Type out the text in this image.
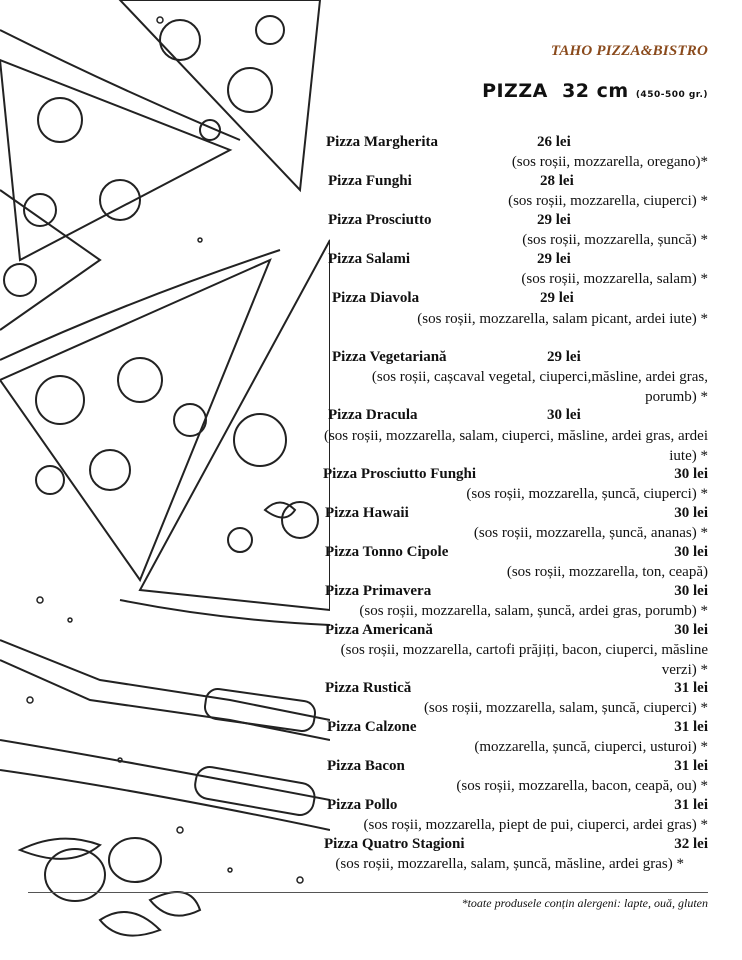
TAHO PIZZA&BISTRO
PIZZA 32 cm (450-500 gr.)
Pizza Margherita	26 lei
(sos roșii, mozzarella, oregano)*
Pizza Funghi	28 lei
(sos roșii, mozzarella, ciuperci) *
Pizza Prosciutto	29 lei
(sos roșii, mozzarella, șuncă) *
Pizza Salami	29 lei
(sos roșii, mozzarella, salam) *
Pizza Diavola	29 lei
(sos roșii, mozzarella, salam picant, ardei iute) *
Pizza Vegetariană	29 lei
(sos roșii, cașcaval vegetal, ciuperci,măsline, ardei gras, porumb) *
Pizza Dracula	30 lei
(sos roșii, mozzarella, salam, ciuperci, măsline, ardei gras, ardei iute) *
Pizza Prosciutto Funghi	30 lei
(sos roșii, mozzarella, șuncă, ciuperci) *
Pizza Hawaii	30 lei
(sos roșii, mozzarella, șuncă, ananas) *
Pizza Tonno Cipole	30 lei
(sos roșii, mozzarella, ton, ceapă)
Pizza Primavera	30 lei
(sos roșii, mozzarella, salam, șuncă, ardei gras, porumb) *
Pizza Americană	30 lei
(sos roșii, mozzarella, cartofi prăjiți, bacon, ciuperci, măsline verzi) *
Pizza Rustică	31 lei
(sos roșii, mozzarella, salam, șuncă, ciuperci) *
Pizza Calzone	31 lei
(mozzarella, șuncă, ciuperci, usturoi) *
Pizza Bacon	31 lei
(sos roșii, mozzarella, bacon, ceapă, ou) *
Pizza Pollo	31 lei
(sos roșii, mozzarella, piept de pui, ciuperci, ardei gras) *
Pizza Quatro Stagioni	32 lei
(sos roșii, mozzarella, salam, șuncă, măsline, ardei gras) *
*toate produsele conțin alergeni: lapte, ouă, gluten
